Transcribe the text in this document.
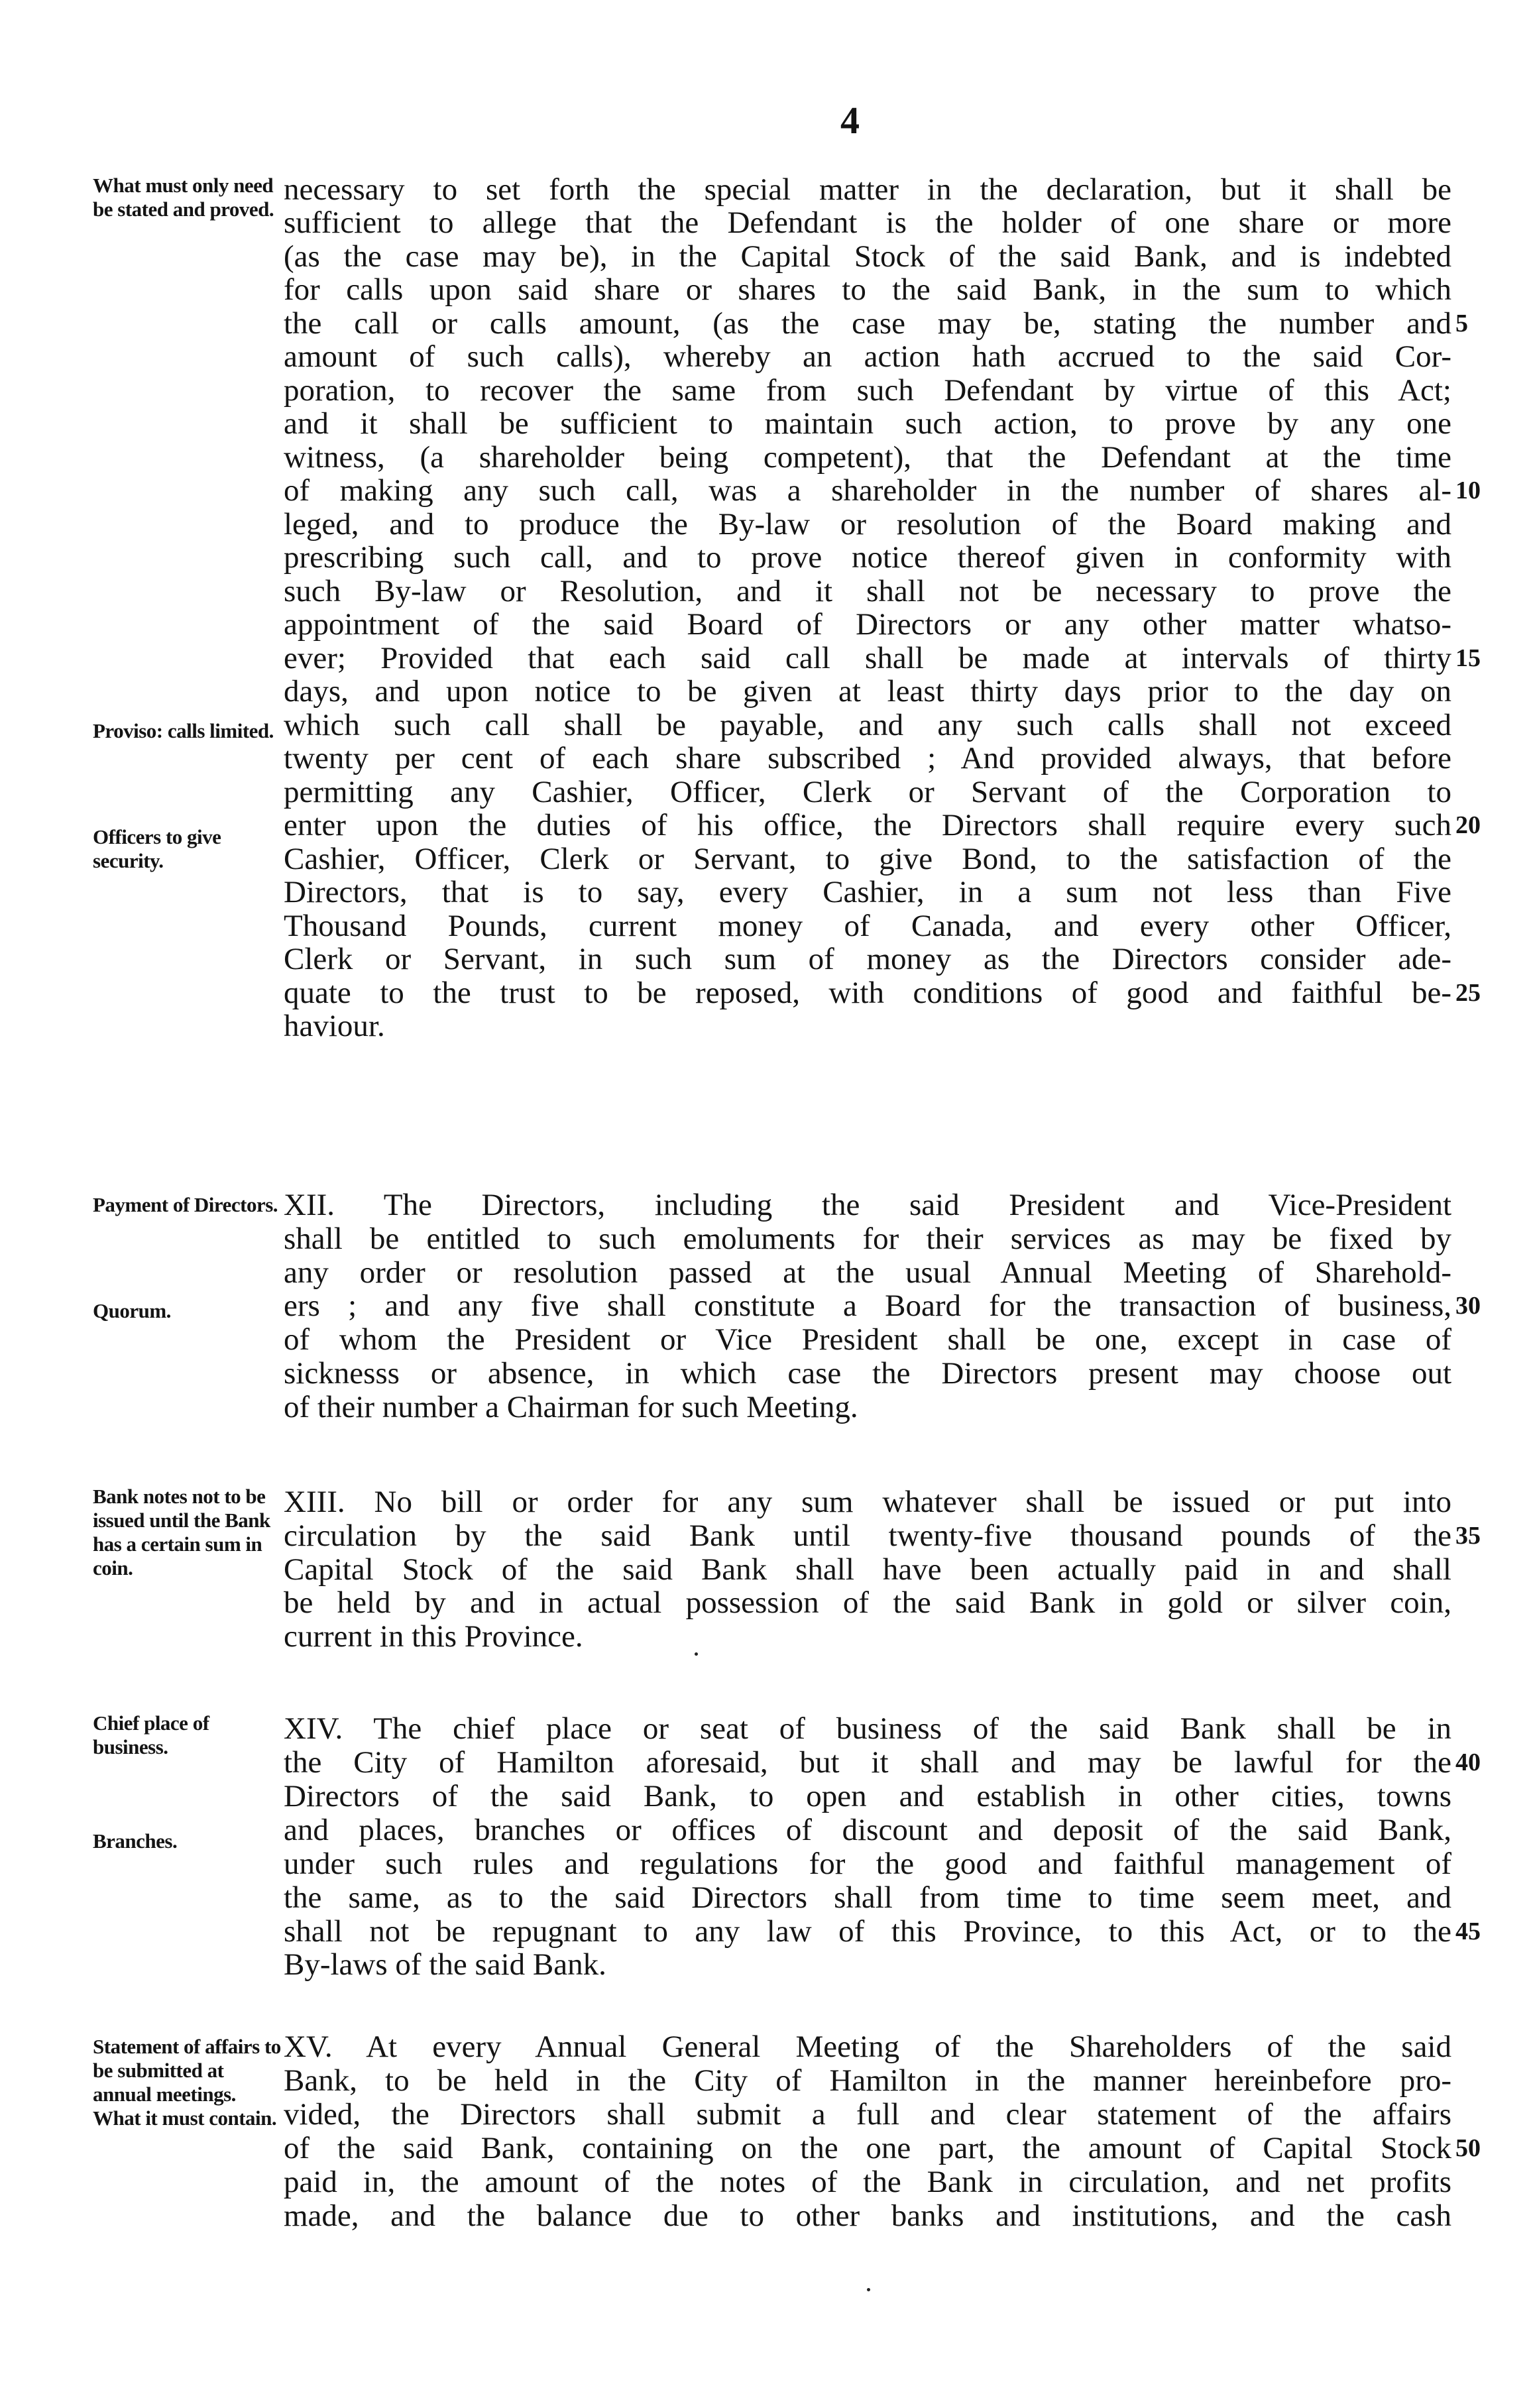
4
What must only need be stated and proved.
Proviso: calls limited.
Officers to give security.
Payment of Directors.
Quorum.
Bank notes not to be issued until the Bank has a certain sum in coin.
Chief place of business.
Branches.
Statement of affairs to be submitted at annual meetings. What it must contain.
necessary to set forth the special matter in the declaration, but it shall be
sufficient to allege that the Defendant is the holder of one share or more
(as the case may be), in the Capital Stock of the said Bank, and is indebted
for calls upon said share or shares to the said Bank, in the sum to which
the call or calls amount, (as the case may be, stating the number and
amount of such calls), whereby an action hath accrued to the said Cor-
poration, to recover the same from such Defendant by virtue of this Act;
and it shall be sufficient to maintain such action, to prove by any one
witness, (a shareholder being competent), that the Defendant at the time
of making any such call, was a shareholder in the number of shares al-
leged, and to produce the By-law or resolution of the Board making and
prescribing such call, and to prove notice thereof given in conformity with
such By-law or Resolution, and it shall not be necessary to prove the
appointment of the said Board of Directors or any other matter whatso-
ever; Provided that each said call shall be made at intervals of thirty
days, and upon notice to be given at least thirty days prior to the day on
which such call shall be payable, and any such calls shall not exceed
twenty per cent of each share subscribed ; And provided always, that before
permitting any Cashier, Officer, Clerk or Servant of the Corporation to
enter upon the duties of his office, the Directors shall require every such
Cashier, Officer, Clerk or Servant, to give Bond, to the satisfaction of the
Directors, that is to say, every Cashier, in a sum not less than Five
Thousand Pounds, current money of Canada, and every other Officer,
Clerk or Servant, in such sum of money as the Directors consider ade-
quate to the trust to be reposed, with conditions of good and faithful be-
haviour.
XII. The Directors, including the said President and Vice-President
shall be entitled to such emoluments for their services as may be fixed by
any order or resolution passed at the usual Annual Meeting of Sharehold-
ers ; and any five shall constitute a Board for the transaction of business,
of whom the President or Vice President shall be one, except in case of
sicknesss or absence, in which case the Directors present may choose out
of their number a Chairman for such Meeting.
XIII. No bill or order for any sum whatever shall be issued or put into
circulation by the said Bank until twenty-five thousand pounds of the
Capital Stock of the said Bank shall have been actually paid in and shall
be held by and in actual possession of the said Bank in gold or silver coin,
current in this Province.
XIV. The chief place or seat of business of the said Bank shall be in
the City of Hamilton aforesaid, but it shall and may be lawful for the
Directors of the said Bank, to open and establish in other cities, towns
and places, branches or offices of discount and deposit of the said Bank,
under such rules and regulations for the good and faithful management of
the same, as to the said Directors shall from time to time seem meet, and
shall not be repugnant to any law of this Province, to this Act, or to the
By-laws of the said Bank.
XV. At every Annual General Meeting of the Shareholders of the said
Bank, to be held in the City of Hamilton in the manner hereinbefore pro-
vided, the Directors shall submit a full and clear statement of the affairs
of the said Bank, containing on the one part, the amount of Capital Stock
paid in, the amount of the notes of the Bank in circulation, and net profits
made, and the balance due to other banks and institutions, and the cash
5
10
15
20
25
30
35
40
45
50
